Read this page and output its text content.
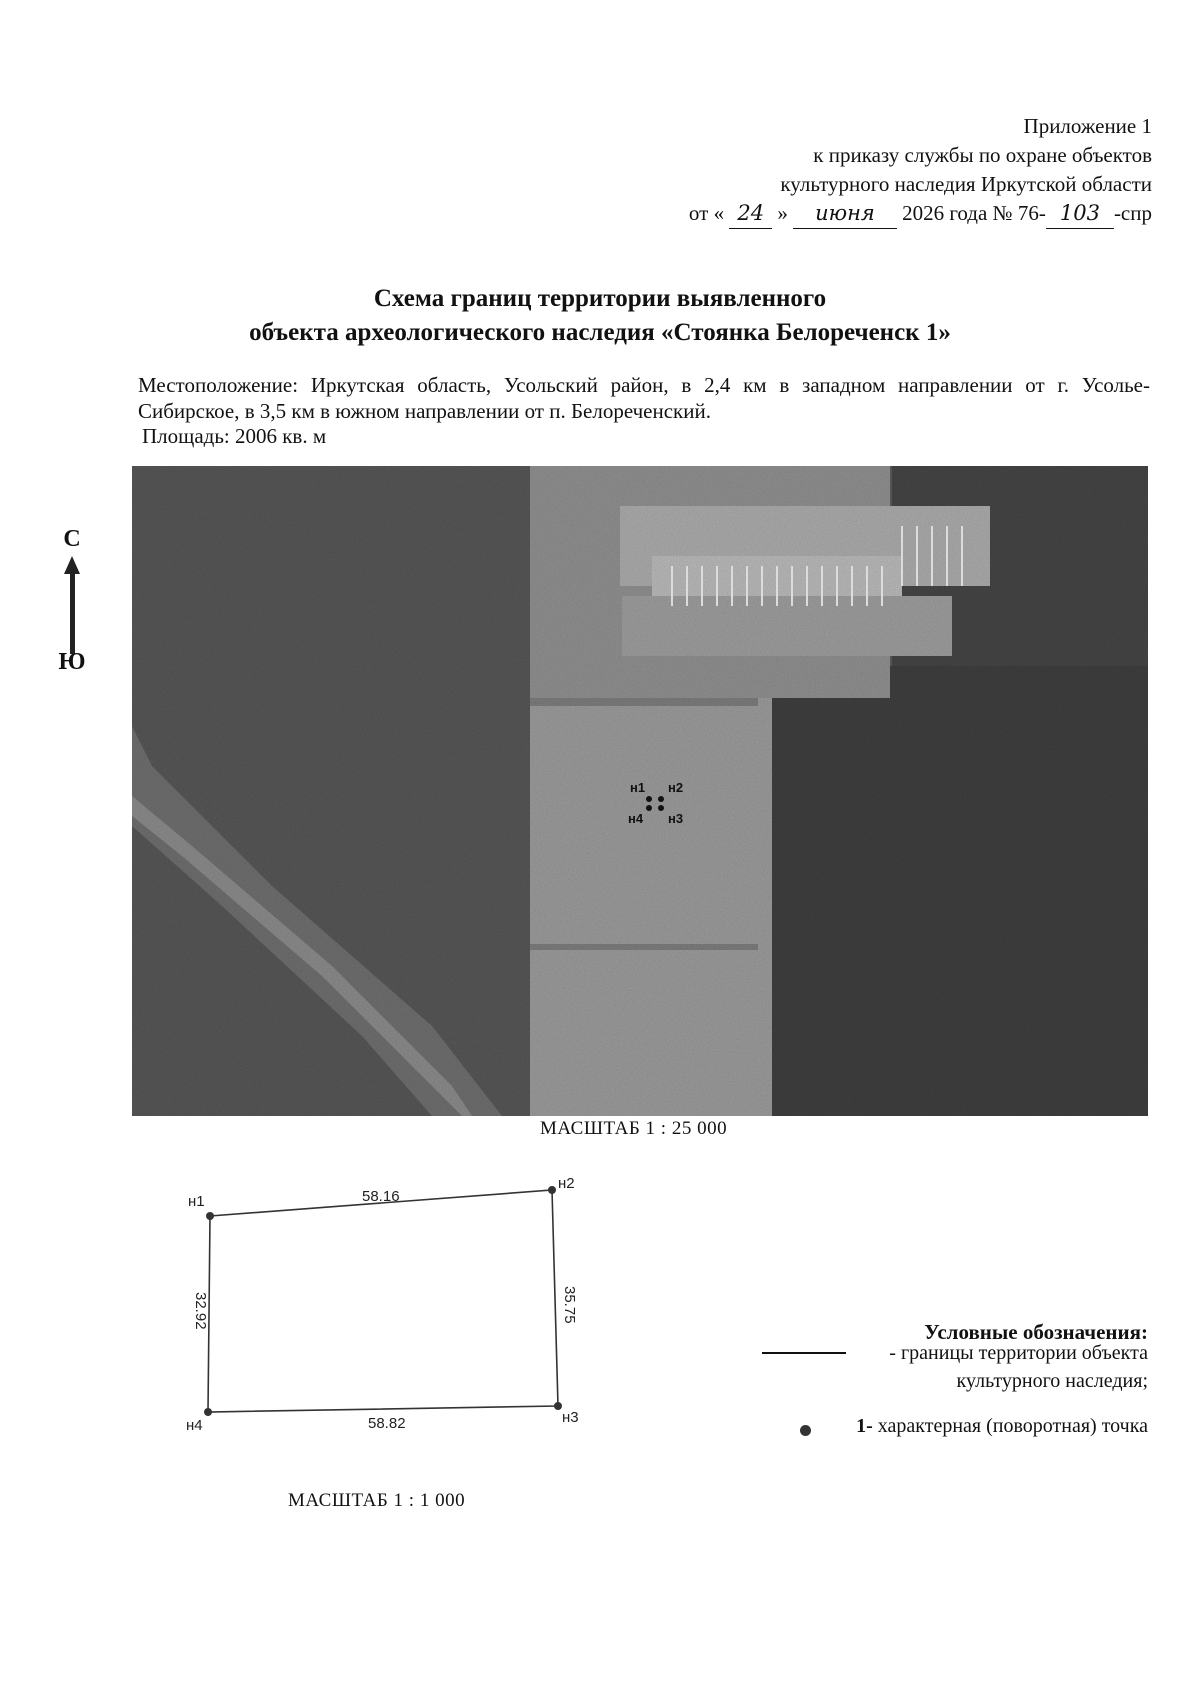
Приложение 1
к приказу службы по охране объектов
культурного наследия Иркутской области
от « 24 » июня 2026 года № 76- 103 -спр
Схема границ территории выявленного
объекта археологического наследия «Стоянка Белореченск 1»
Местоположение: Иркутская область, Усольский район, в 2,4 км в западном направлении от г. Усолье-Сибирское, в 3,5 км в южном направлении от п. Белореченский.
Площадь: 2006 кв. м
С
Ю
н1 н2
н3
н4
МАСШТАБ 1 : 25 000
н1
н2
н3
н4
58.16
58.82
35.75
32.92
МАСШТАБ 1 : 1 000
Условные обозначения:
- границы территории объекта
культурного наследия;
1- характерная (поворотная) точка
